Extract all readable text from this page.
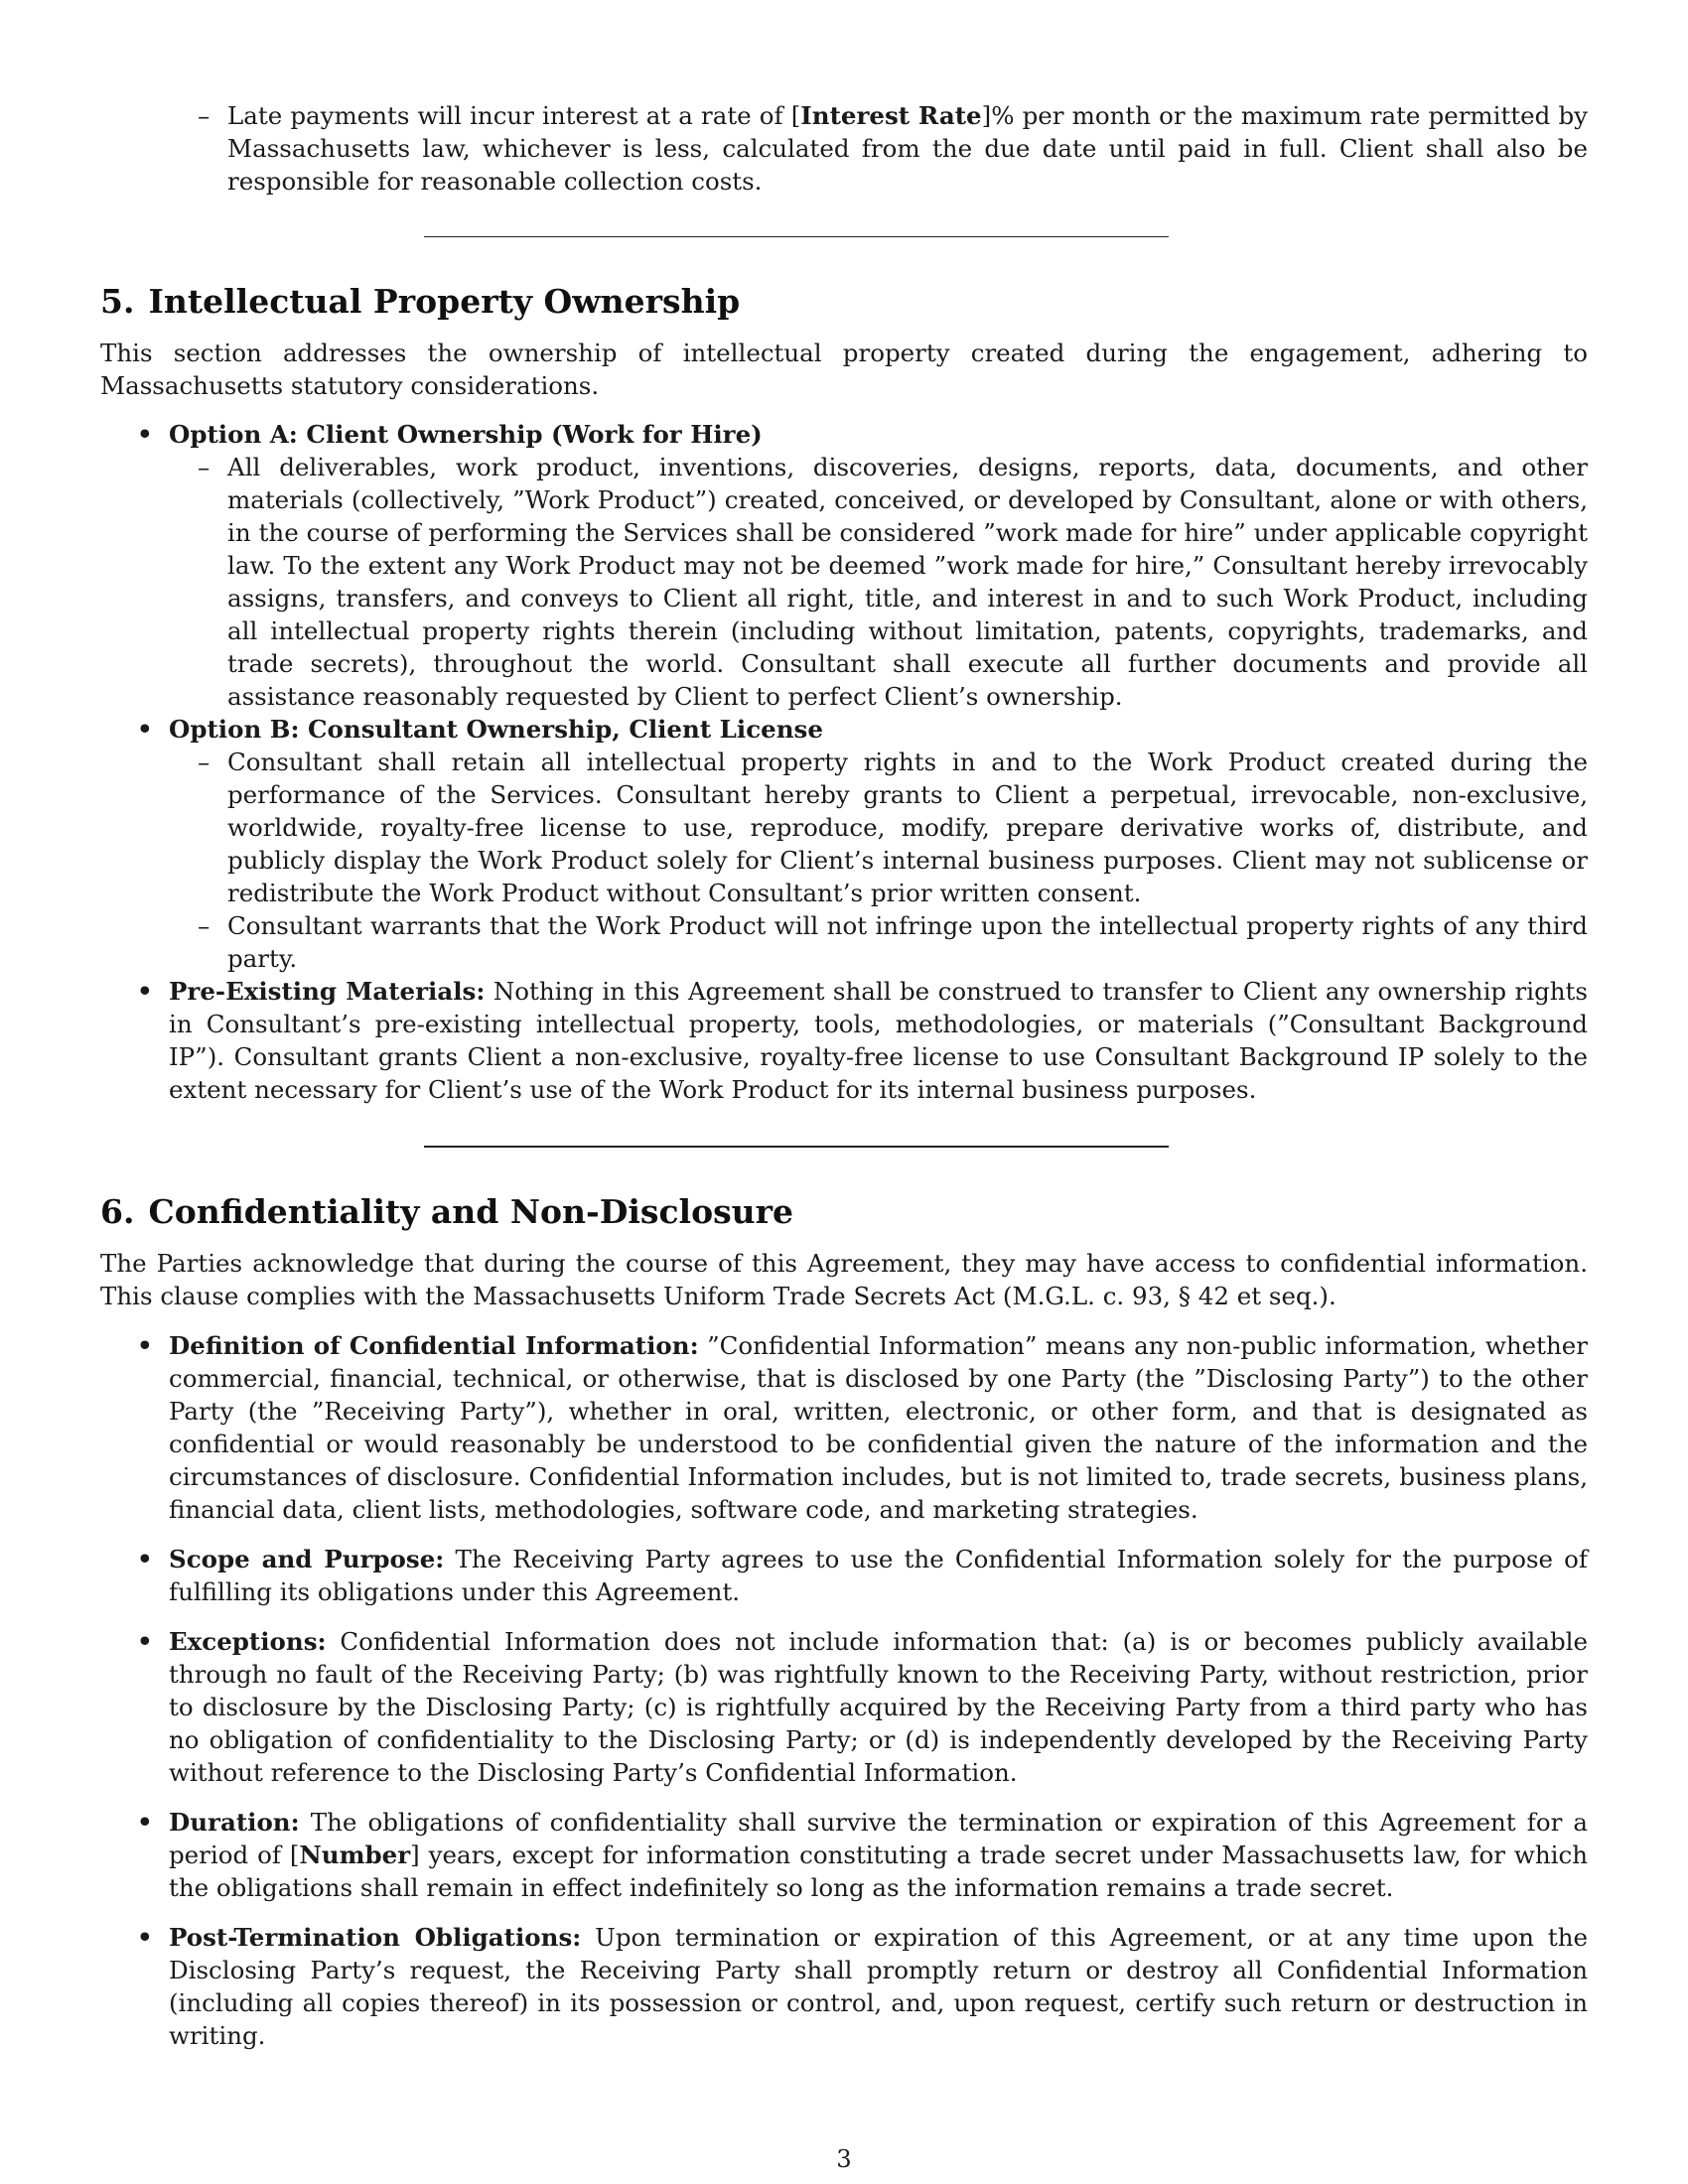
– Late payments will incur interest at a rate of [Interest Rate]% per month or the maximum rate permitted by Massachusetts law, whichever is less, calculated from the due date until paid in full. Client shall also be responsible for reasonable collection costs.
5. Intellectual Property Ownership

This section addresses the ownership of intellectual property created during the engagement, adhering to Massachusetts statutory considerations.

• Option A: Client Ownership (Work for Hire)
– All deliverables, work product, inventions, discoveries, designs, reports, data, documents, and other materials (collectively, ”Work Product”) created, conceived, or developed by Consultant, alone or with others, in the course of performing the Services shall be considered ”work made for hire” under applicable copyright law. To the extent any Work Product may not be deemed ”work made for hire,” Consultant hereby irrevocably assigns, transfers, and conveys to Client all right, title, and interest in and to such Work Product, including all intellectual property rights therein (including without limitation, patents, copyrights, trademarks, and trade secrets), throughout the world. Consultant shall execute all further documents and provide all assistance reasonably requested by Client to perfect Client’s ownership.
• Option B: Consultant Ownership, Client License
– Consultant shall retain all intellectual property rights in and to the Work Product created during the performance of the Services. Consultant hereby grants to Client a perpetual, irrevocable, non-exclusive, worldwide, royalty-free license to use, reproduce, modify, prepare derivative works of, distribute, and publicly display the Work Product solely for Client’s internal business purposes. Client may not sublicense or redistribute the Work Product without Consultant’s prior written consent.
– Consultant warrants that the Work Product will not infringe upon the intellectual property rights of any third party.
• Pre-Existing Materials: Nothing in this Agreement shall be construed to transfer to Client any ownership rights in Consultant’s pre-existing intellectual property, tools, methodologies, or materials (”Consultant Background IP”). Consultant grants Client a non-exclusive, royalty-free license to use Consultant Background IP solely to the extent necessary for Client’s use of the Work Product for its internal business purposes.
6. Confidentiality and Non-Disclosure

The Parties acknowledge that during the course of this Agreement, they may have access to confidential information. This clause complies with the Massachusetts Uniform Trade Secrets Act (M.G.L. c. 93, § 42 et seq.).

• Definition of Confidential Information: ”Confidential Information” means any non-public information, whether commercial, financial, technical, or otherwise, that is disclosed by one Party (the ”Disclosing Party”) to the other Party (the ”Receiving Party”), whether in oral, written, electronic, or other form, and that is designated as confidential or would reasonably be understood to be confidential given the nature of the information and the circumstances of disclosure. Confidential Information includes, but is not limited to, trade secrets, business plans, financial data, client lists, methodologies, software code, and marketing strategies.
• Scope and Purpose: The Receiving Party agrees to use the Confidential Information solely for the purpose of fulfilling its obligations under this Agreement.
• Exceptions: Confidential Information does not include information that: (a) is or becomes publicly available through no fault of the Receiving Party; (b) was rightfully known to the Receiving Party, without restriction, prior to disclosure by the Disclosing Party; (c) is rightfully acquired by the Receiving Party from a third party who has no obligation of confidentiality to the Disclosing Party; or (d) is independently developed by the Receiving Party without reference to the Disclosing Party’s Confidential Information.
• Duration: The obligations of confidentiality shall survive the termination or expiration of this Agreement for a period of [Number] years, except for information constituting a trade secret under Massachusetts law, for which the obligations shall remain in effect indefinitely so long as the information remains a trade secret.
• Post-Termination Obligations: Upon termination or expiration of this Agreement, or at any time upon the Disclosing Party’s request, the Receiving Party shall promptly return or destroy all Confidential Information (including all copies thereof) in its possession or control, and, upon request, certify such return or destruction in writing.
3
